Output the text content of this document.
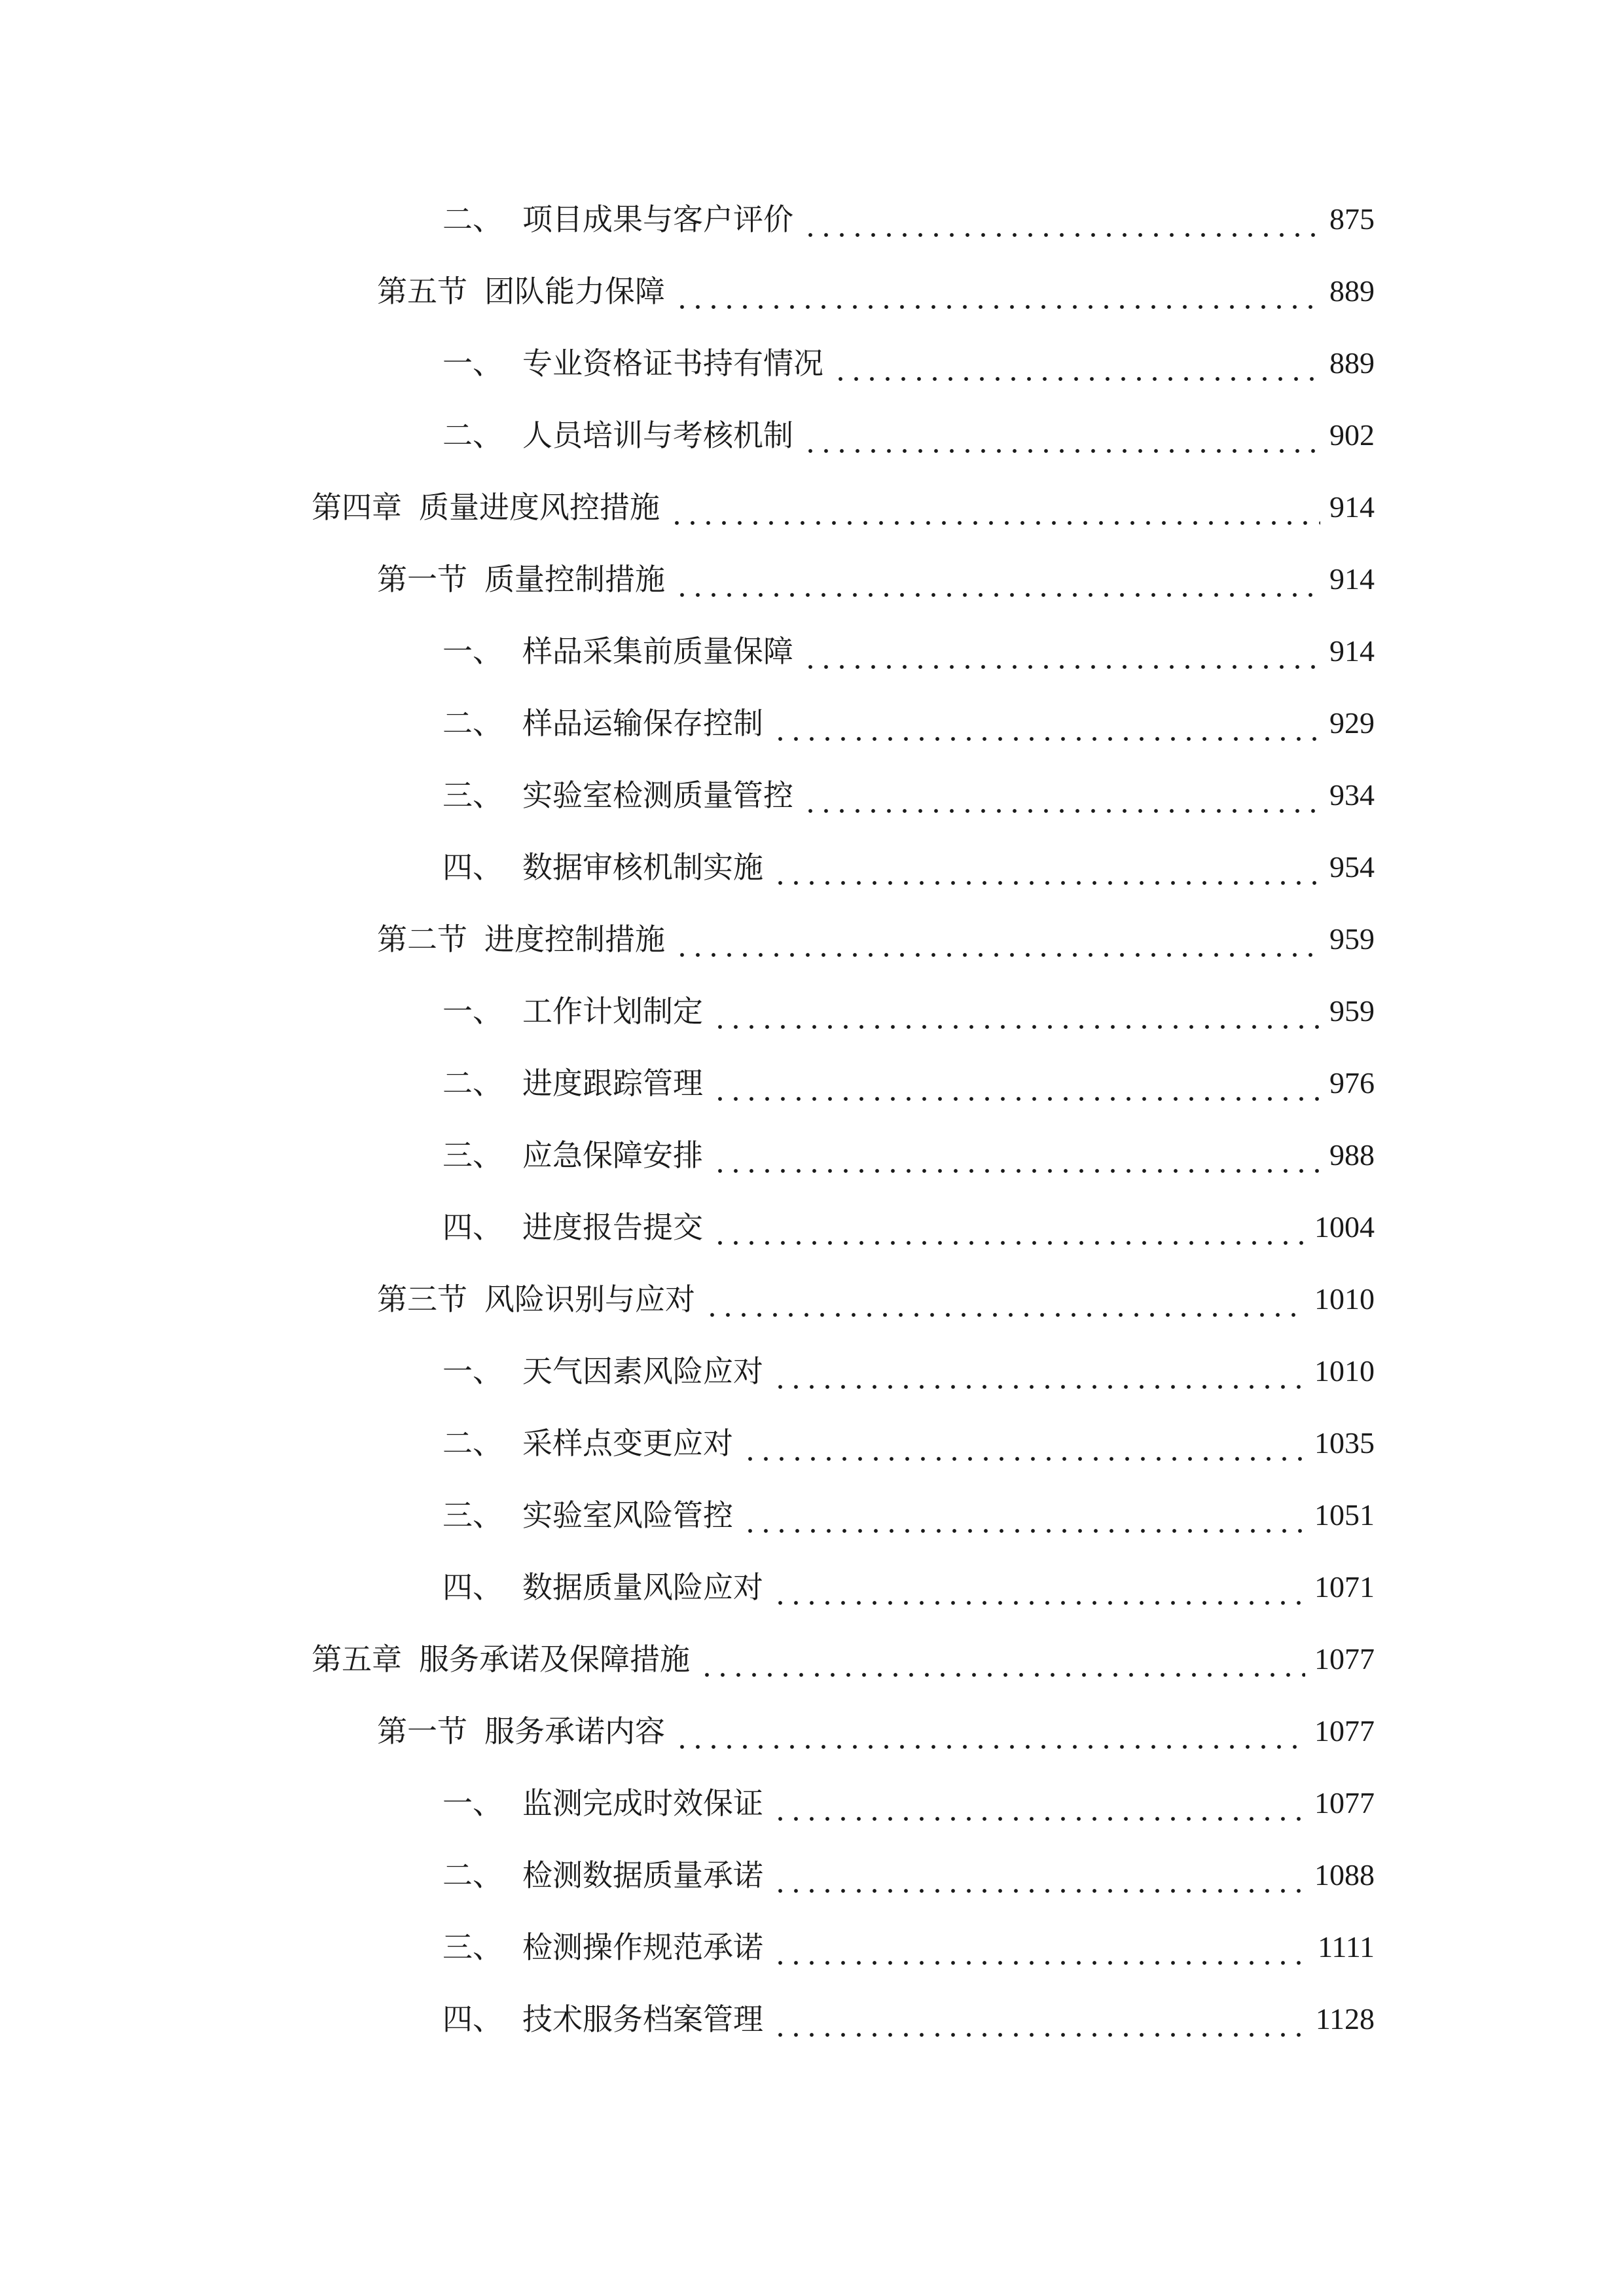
二、 项目成果与客户评价	875
第五节 团队能力保障	889
一、 专业资格证书持有情况	889
二、 人员培训与考核机制	902
第四章 质量进度风控措施	914
第一节 质量控制措施	914
一、 样品采集前质量保障	914
二、 样品运输保存控制	929
三、 实验室检测质量管控	934
四、 数据审核机制实施	954
第二节 进度控制措施	959
一、 工作计划制定	959
二、 进度跟踪管理	976
三、 应急保障安排	988
四、 进度报告提交	1004
第三节 风险识别与应对	1010
一、 天气因素风险应对	1010
二、 采样点变更应对	1035
三、 实验室风险管控	1051
四、 数据质量风险应对	1071
第五章 服务承诺及保障措施	1077
第一节 服务承诺内容	1077
一、 监测完成时效保证	1077
二、 检测数据质量承诺	1088
三、 检测操作规范承诺	1111
四、 技术服务档案管理	1128
